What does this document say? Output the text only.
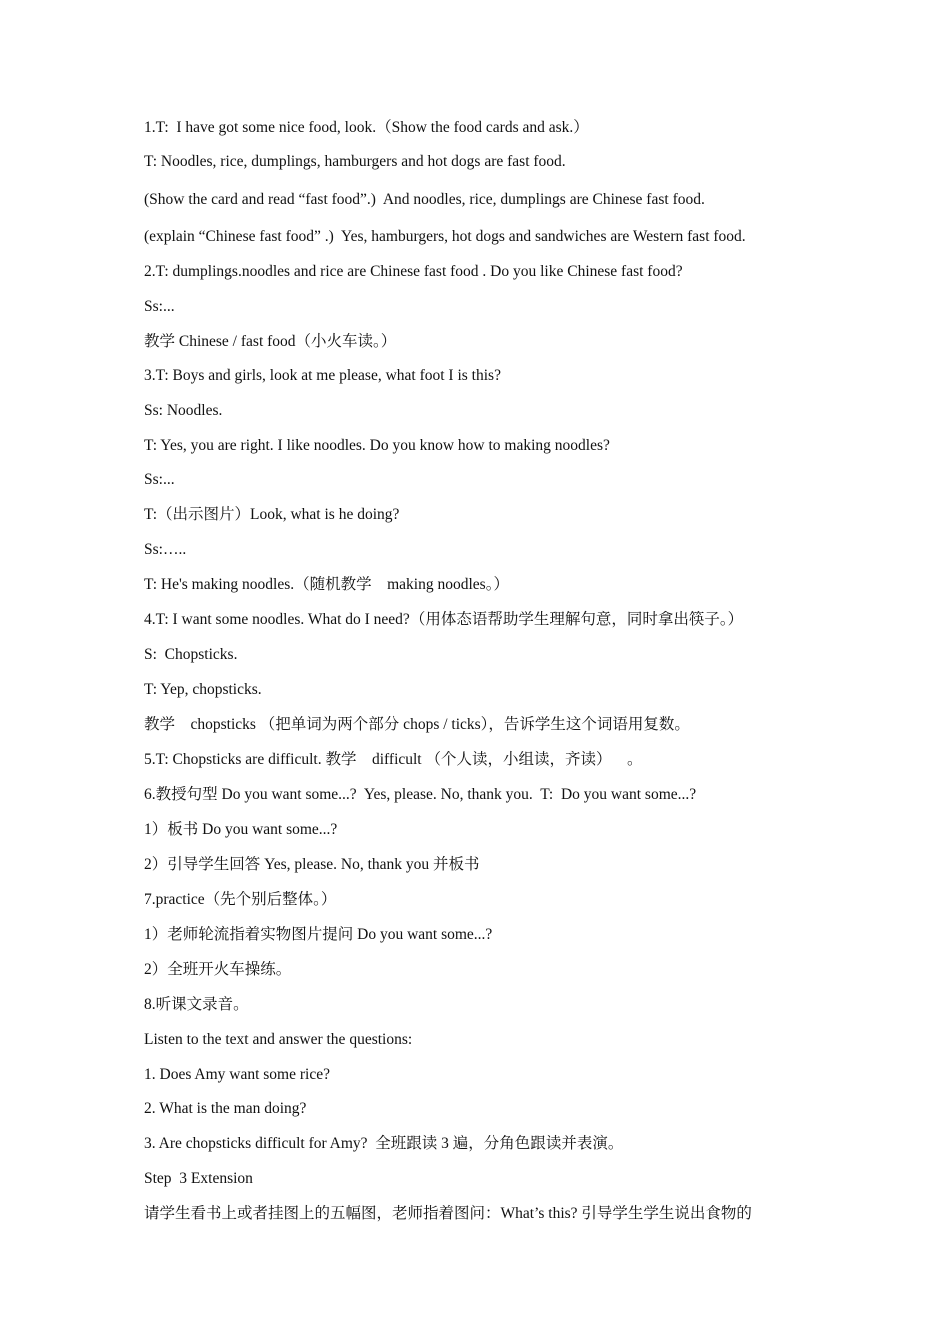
1.T:  I have got some nice food, look.（Show the food cards and ask.）
T: Noodles, rice, dumplings, hamburgers and hot dogs are fast food.
(Show the card and read “fast food”.)  And noodles, rice, dumplings are Chinese fast food.
(explain “Chinese fast food” .)  Yes, hamburgers, hot dogs and sandwiches are Western fast food.
2.T: dumplings.noodles and rice are Chinese fast food . Do you like Chinese fast food?
Ss:...
教学 Chinese / fast food（小火车读。）
3.T: Boys and girls, look at me please, what foot I is this?
Ss: Noodles.
T: Yes, you are right. I like noodles. Do you know how to making noodles?
Ss:...
T:（出示图片）Look, what is he doing?
Ss:…..
T: He's making noodles.（随机教学    making noodles。）
4.T: I want some noodles. What do I need?（用体态语帮助学生理解句意，同时拿出筷子。）
S:  Chopsticks.
T: Yep, chopsticks.
教学    chopsticks （把单词为两个部分 chops / ticks），告诉学生这个词语用复数。
5.T: Chopsticks are difficult. 教学    difficult （个人读，小组读，齐读）    。
6.教授句型 Do you want some...?  Yes, please. No, thank you.  T:  Do you want some...?
1）板书 Do you want some...?
2）引导学生回答 Yes, please. No, thank you 并板书
7.practice（先个别后整体。）
1）老师轮流指着实物图片提问 Do you want some...?
2）全班开火车操练。
8.听课文录音。
Listen to the text and answer the questions:
1. Does Amy want some rice?
2. What is the man doing?
3. Are chopsticks difficult for Amy?  全班跟读 3 遍，分角色跟读并表演。
Step  3 Extension
请学生看书上或者挂图上的五幅图，老师指着图问：What’s this? 引导学生学生说出食物的
